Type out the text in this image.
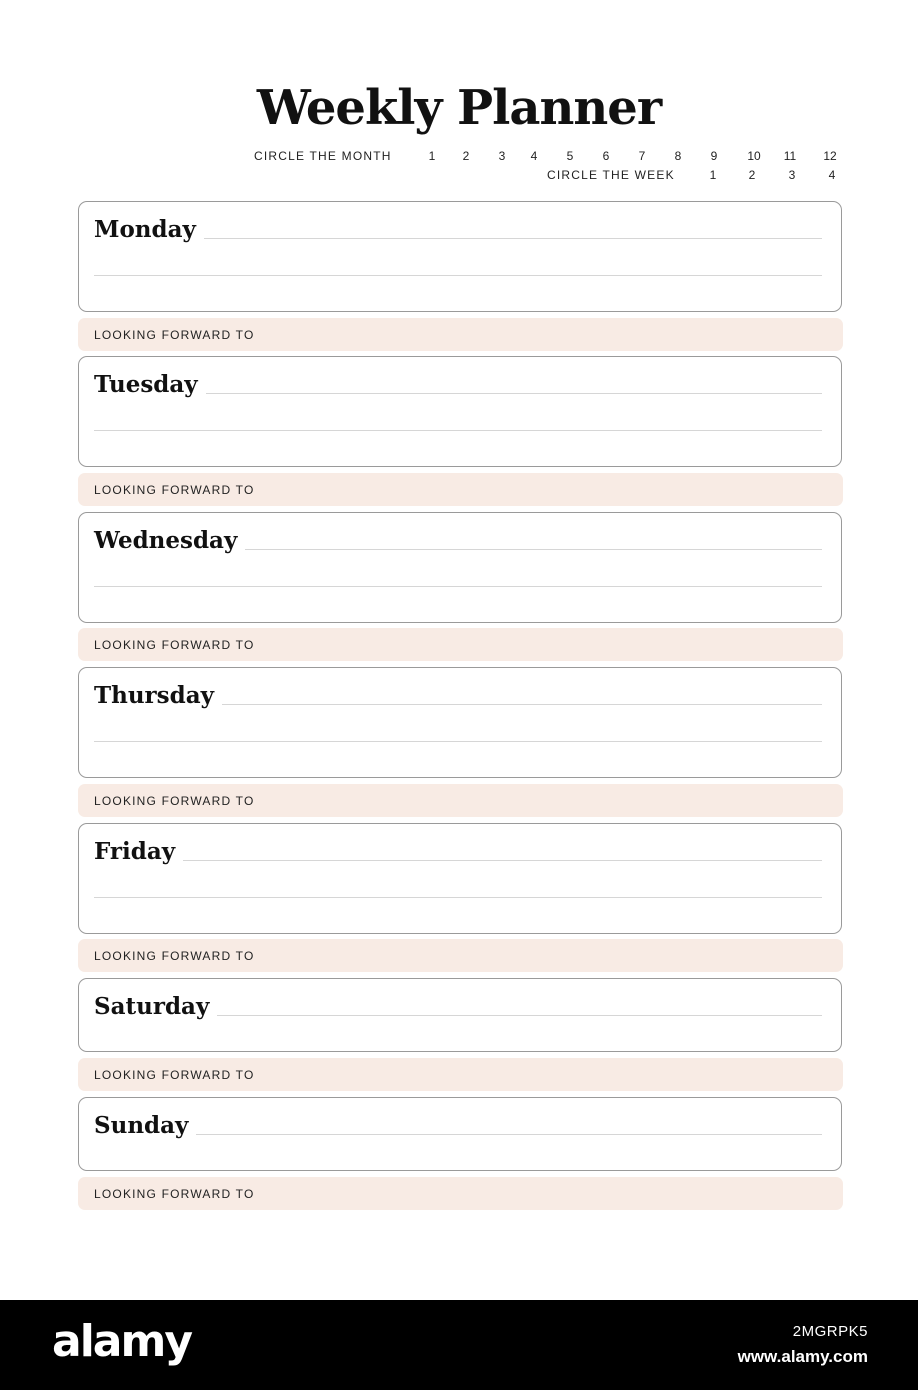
Weekly Planner
CIRCLE THE MONTH	1 2 3 4 5 6 7 8 9 10 11 12
CIRCLE THE WEEK	1	2	3	4
Monday
LOOKING FORWARD TO
Tuesday
LOOKING FORWARD TO
Wednesday
LOOKING FORWARD TO
Thursday
LOOKING FORWARD TO
Friday
LOOKING FORWARD TO
Saturday
LOOKING FORWARD TO
Sunday
LOOKING FORWARD TO
alamy	2MGRPK5
www.alamy.com
